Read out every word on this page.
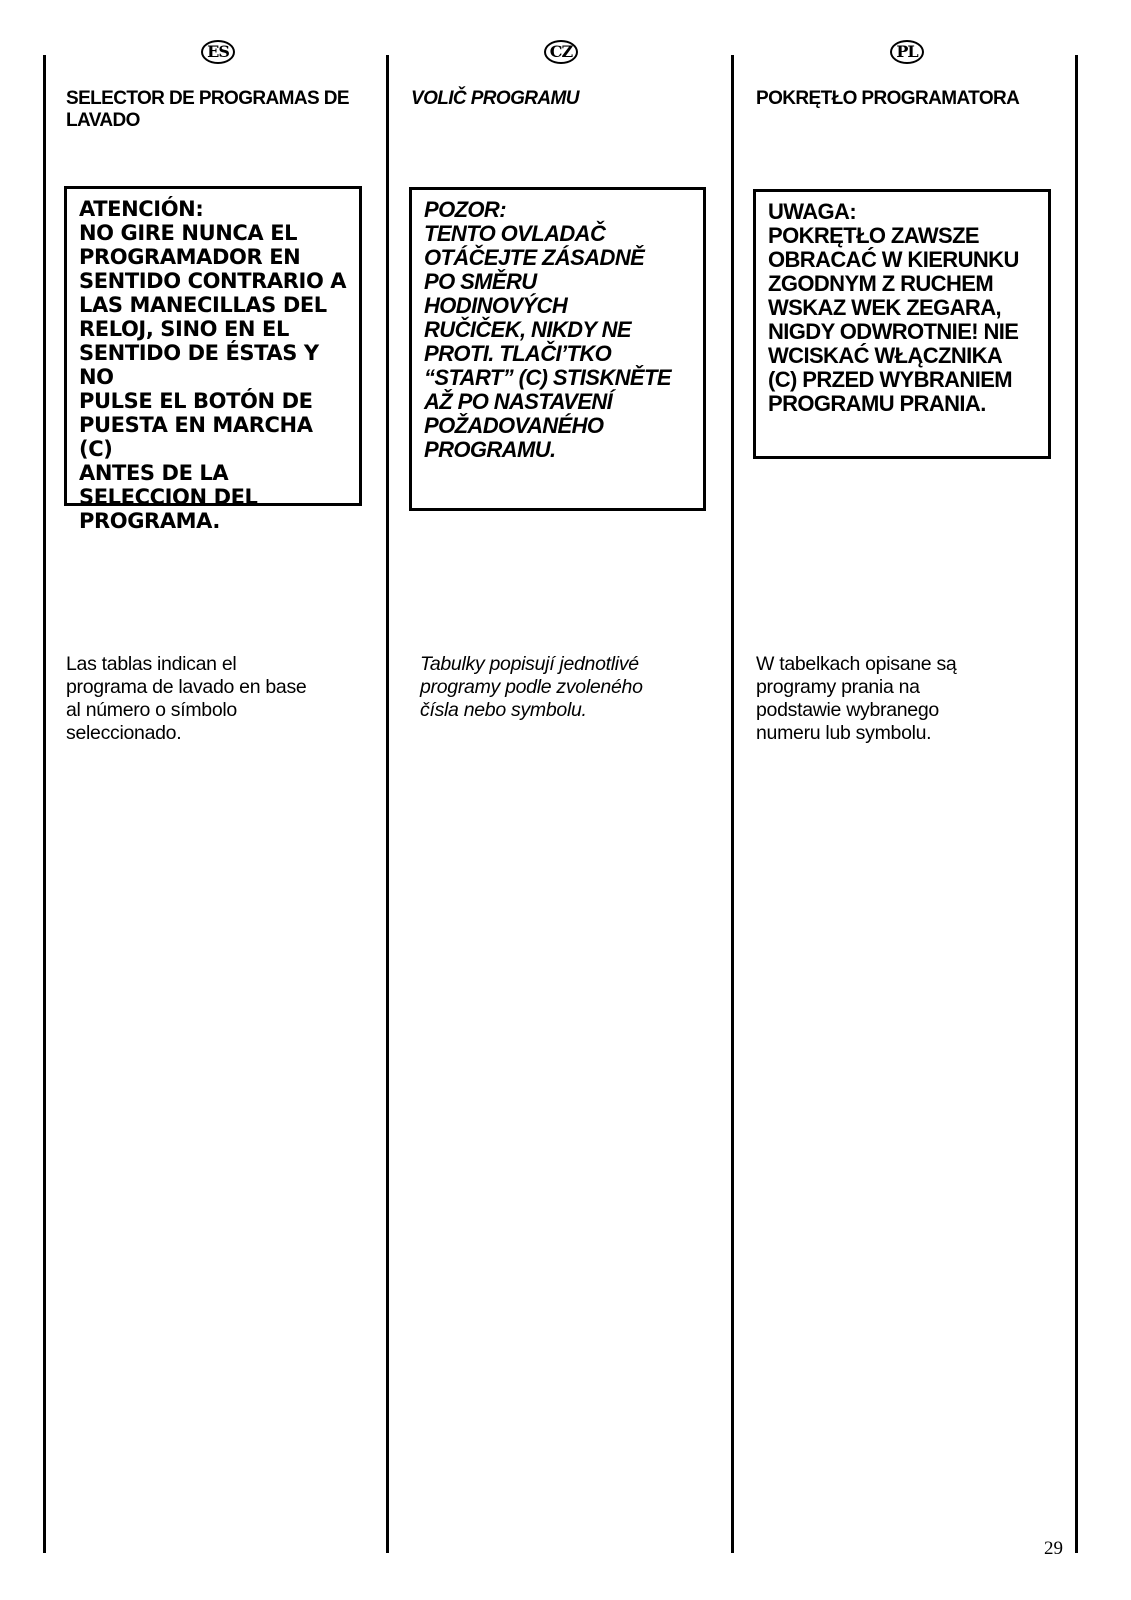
ES
SELECTOR DE PROGRAMAS DE LAVADO

ATENCIÓN:
NO GIRE NUNCA EL
PROGRAMADOR EN
SENTIDO CONTRARIO A
LAS MANECILLAS DEL
RELOJ, SINO EN EL
SENTIDO DE ÉSTAS Y NO
PULSE EL BOTÓN DE
PUESTA EN MARCHA (C)
ANTES DE LA
SELECCION DEL
PROGRAMA.

Las tablas indican el
programa de lavado en base
al número o símbolo
seleccionado.

CZ
VOLIČ PROGRAMU

POZOR:
TENTO OVLADAČ
OTÁČEJTE ZÁSADNĚ
PO SMĚRU
HODINOVÝCH
RUČIČEK, NIKDY NE
PROTI. TLAČI’TKO
“START” (C) STISKNĚTE
AŽ PO NASTAVENÍ
POŽADOVANÉHO
PROGRAMU.

Tabulky popisují jednotlivé
programy podle zvoleného
čísla nebo symbolu.

PL
POKRĘTŁO PROGRAMATORA

UWAGA:
POKRĘTŁO ZAWSZE
OBRACAĆ W KIERUNKU
ZGODNYM Z RUCHEM
WSKAZ WEK ZEGARA,
NIGDY ODWROTNIE! NIE
WCISKAĆ WŁĄCZNIKA
(C) PRZED WYBRANIEM
PROGRAMU PRANIA.

W tabelkach opisane są
programy prania na
podstawie wybranego
numeru lub symbolu.

29
